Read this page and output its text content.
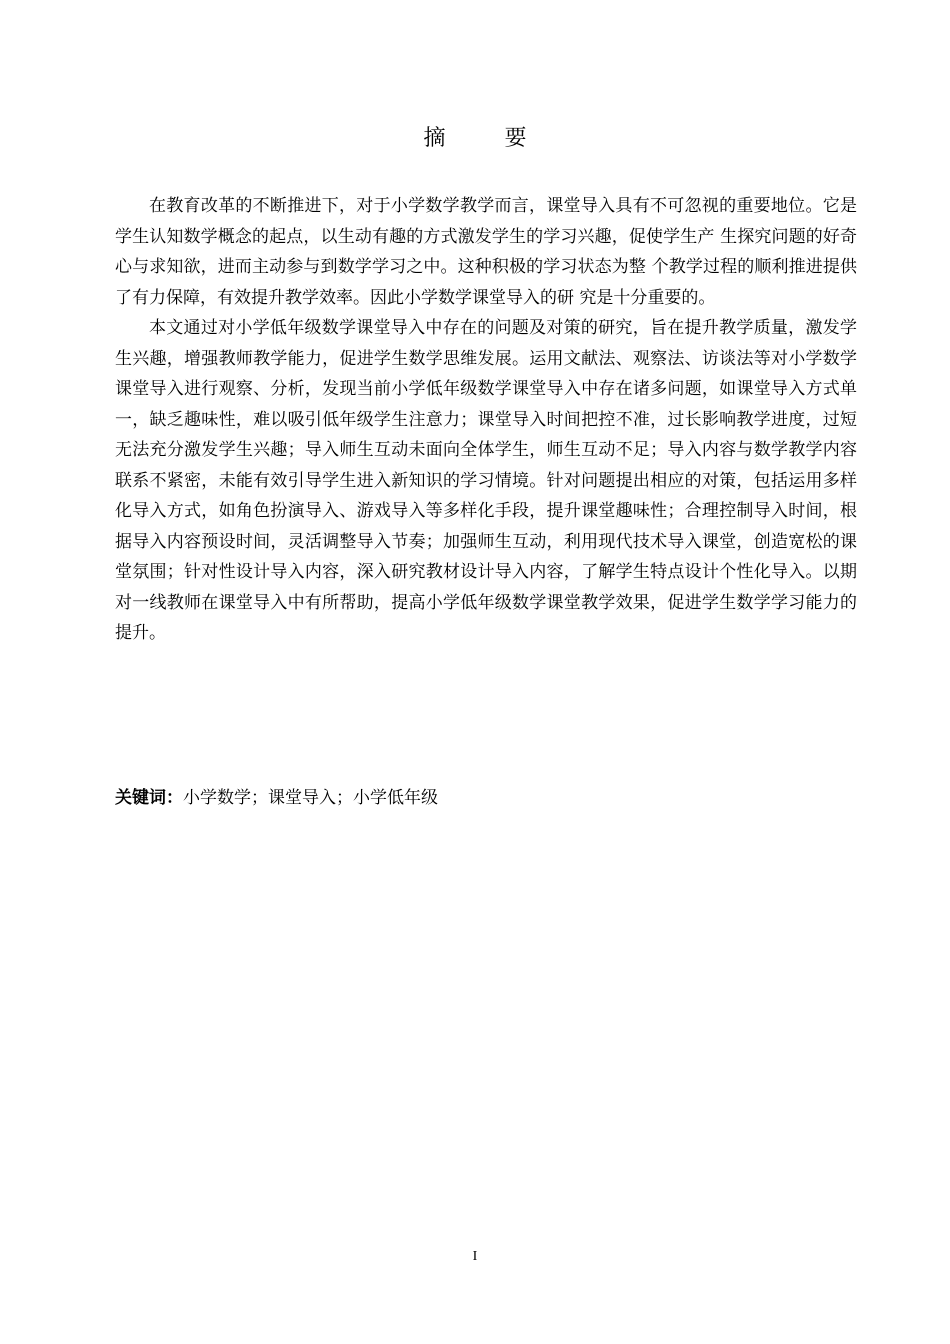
摘 要

在教育改革的不断推进下，对于小学数学教学而言，课堂导入具有不可忽视的重要地位。它是学生认知数学概念的起点，以生动有趣的方式激发学生的学习兴趣，促使学生产 生探究问题的好奇心与求知欲，进而主动参与到数学学习之中。这种积极的学习状态为整 个教学过程的顺利推进提供了有力保障，有效提升教学效率。因此小学数学课堂导入的研 究是十分重要的。

本文通过对小学低年级数学课堂导入中存在的问题及对策的研究，旨在提升教学质量，激发学生兴趣，增强教师教学能力，促进学生数学思维发展。运用文献法、观察法、访谈法等对小学数学课堂导入进行观察、分析，发现当前小学低年级数学课堂导入中存在诸多问题，如课堂导入方式单一，缺乏趣味性，难以吸引低年级学生注意力；课堂导入时间把控不准，过长影响教学进度，过短无法充分激发学生兴趣；导入师生互动未面向全体学生，师生互动不足；导入内容与数学教学内容联系不紧密，未能有效引导学生进入新知识的学习情境。针对问题提出相应的对策，包括运用多样化导入方式，如角色扮演导入、游戏导入等多样化手段，提升课堂趣味性；合理控制导入时间，根据导入内容预设时间，灵活调整导入节奏；加强师生互动，利用现代技术导入课堂，创造宽松的课堂氛围；针对性设计导入内容，深入研究教材设计导入内容，了解学生特点设计个性化导入。以期对一线教师在课堂导入中有所帮助，提高小学低年级数学课堂教学效果，促进学生数学学习能力的提升。

关键词：小学数学；课堂导入；小学低年级
I
